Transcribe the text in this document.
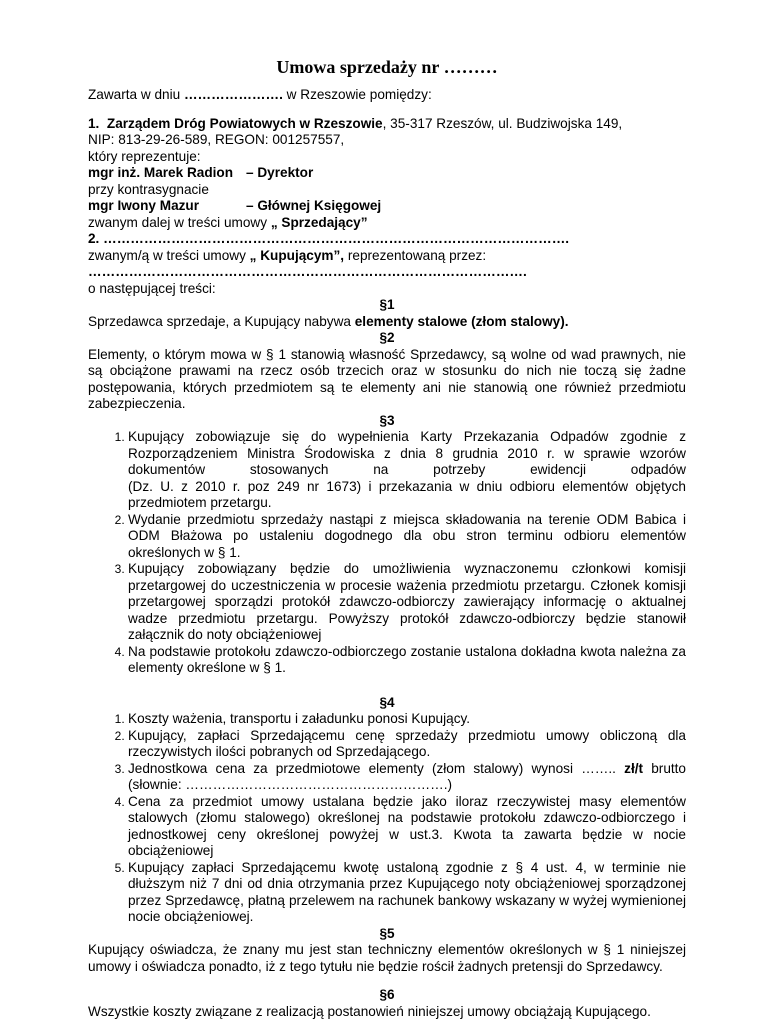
Umowa sprzedaży nr ………

Zawarta w dniu …………………. w Rzeszowie pomiędzy:

1. Zarządem Dróg Powiatowych w Rzeszowie, 35-317 Rzeszów, ul. Budziwojska 149,

NIP: 813-29-26-589, REGON: 001257557,

który reprezentuje:

mgr inż. Marek Radion – Dyrektor

przy kontrasygnacie

mgr Iwony Mazur	– Głównej Księgowej

zwanym dalej w treści umowy „ Sprzedający”

2. ………………………………………………………………………………………….

zwanym/ą w treści umowy „ Kupującym”, reprezentowaną przez:

…………………………………………………………………………………….

o następującej treści:

§1

Sprzedawca sprzedaje, a Kupujący nabywa elementy stalowe (złom stalowy).

§2

Elementy, o którym mowa w § 1 stanowią własność Sprzedawcy, są wolne od wad prawnych, nie są obciążone prawami na rzecz osób trzecich oraz w stosunku do nich nie toczą się żadne postępowania, których przedmiotem są te elementy ani nie stanowią one również przedmiotu zabezpieczenia.

§3

1. Kupujący zobowiązuje się do wypełnienia Karty Przekazania Odpadów zgodnie z Rozporządzeniem Ministra Środowiska z dnia 8 grudnia 2010 r. w sprawie wzorów dokumentów stosowanych na potrzeby ewidencji odpadów
(Dz. U. z 2010 r. poz 249 nr 1673) i przekazania w dniu odbioru elementów objętych przedmiotem przetargu.
2. Wydanie przedmiotu sprzedaży nastąpi z miejsca składowania na terenie ODM Babica i ODM Błażowa po ustaleniu dogodnego dla obu stron terminu odbioru elementów określonych w § 1.
3. Kupujący zobowiązany będzie do umożliwienia wyznaczonemu członkowi komisji przetargowej do uczestniczenia w procesie ważenia przedmiotu przetargu. Członek komisji przetargowej sporządzi protokół zdawczo-odbiorczy zawierający informację o aktualnej wadze przedmiotu przetargu. Powyższy protokół zdawczo-odbiorczy będzie stanowił załącznik do noty obciążeniowej
4. Na podstawie protokołu zdawczo-odbiorczego zostanie ustalona dokładna kwota należna za elementy określone w § 1.

§4

1. Koszty ważenia, transportu i załadunku ponosi Kupujący.
2. Kupujący, zapłaci Sprzedającemu cenę sprzedaży przedmiotu umowy obliczoną dla rzeczywistych ilości pobranych od Sprzedającego.
3. Jednostkowa cena za przedmiotowe elementy (złom stalowy) wynosi …….. zł/t brutto (słownie: ………………………………………………….)
4. Cena za przedmiot umowy ustalana będzie jako iloraz rzeczywistej masy elementów stalowych (złomu stalowego) określonej na podstawie protokołu zdawczo-odbiorczego i jednostkowej ceny określonej powyżej w ust.3. Kwota ta zawarta będzie w nocie obciążeniowej
5. Kupujący zapłaci Sprzedającemu kwotę ustaloną zgodnie z § 4 ust. 4, w terminie nie dłuższym niż 7 dni od dnia otrzymania przez Kupującego noty obciążeniowej sporządzonej przez Sprzedawcę, płatną przelewem na rachunek bankowy wskazany w wyżej wymienionej nocie obciążeniowej.

§5

Kupujący oświadcza, że znany mu jest stan techniczny elementów określonych w § 1 niniejszej umowy i oświadcza ponadto, iż z tego tytułu nie będzie rościł żadnych pretensji do Sprzedawcy.

§6

Wszystkie koszty związane z realizacją postanowień niniejszej umowy obciążają Kupującego.
